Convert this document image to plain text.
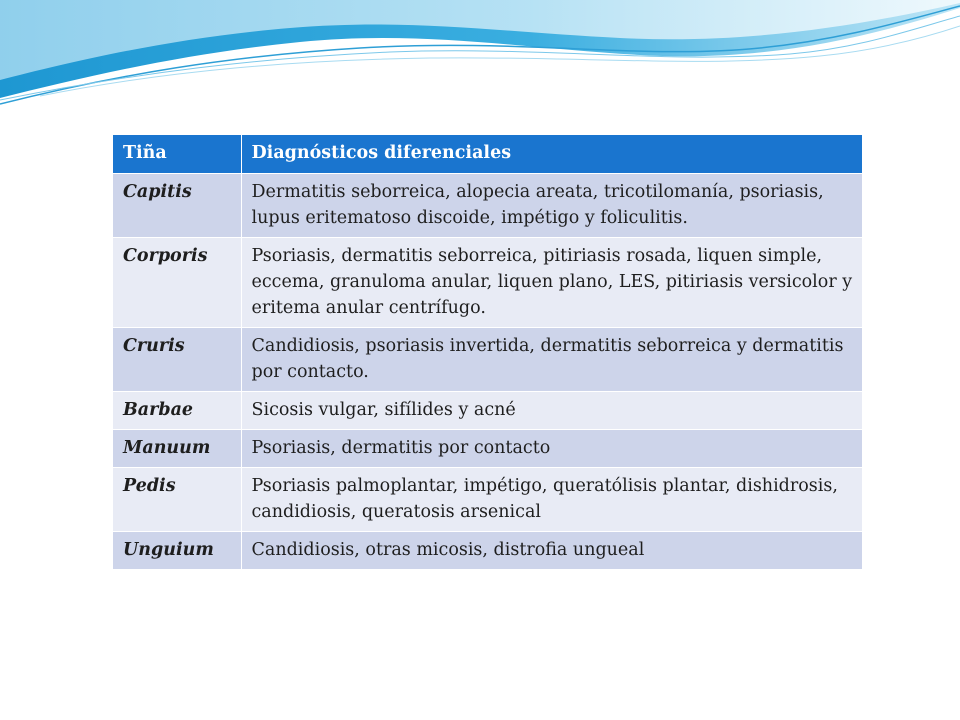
Tiña	Diagnósticos diferenciales
Capitis	Dermatitis seborreica, alopecia areata, tricotilomanía, psoriasis, lupus eritematoso discoide, impétigo y foliculitis.
Corporis	Psoriasis, dermatitis seborreica, pitiriasis rosada, liquen simple, eccema, granuloma anular, liquen plano, LES, pitiriasis versicolor y eritema anular centrífugo.
Cruris	Candidiosis, psoriasis invertida, dermatitis seborreica y dermatitis por contacto.
Barbae	Sicosis vulgar, sifílides y acné
Manuum	Psoriasis, dermatitis por contacto
Pedis	Psoriasis palmoplantar, impétigo, queratólisis plantar, dishidrosis, candidiosis, queratosis arsenical
Unguium	Candidiosis, otras micosis, distrofia ungueal
